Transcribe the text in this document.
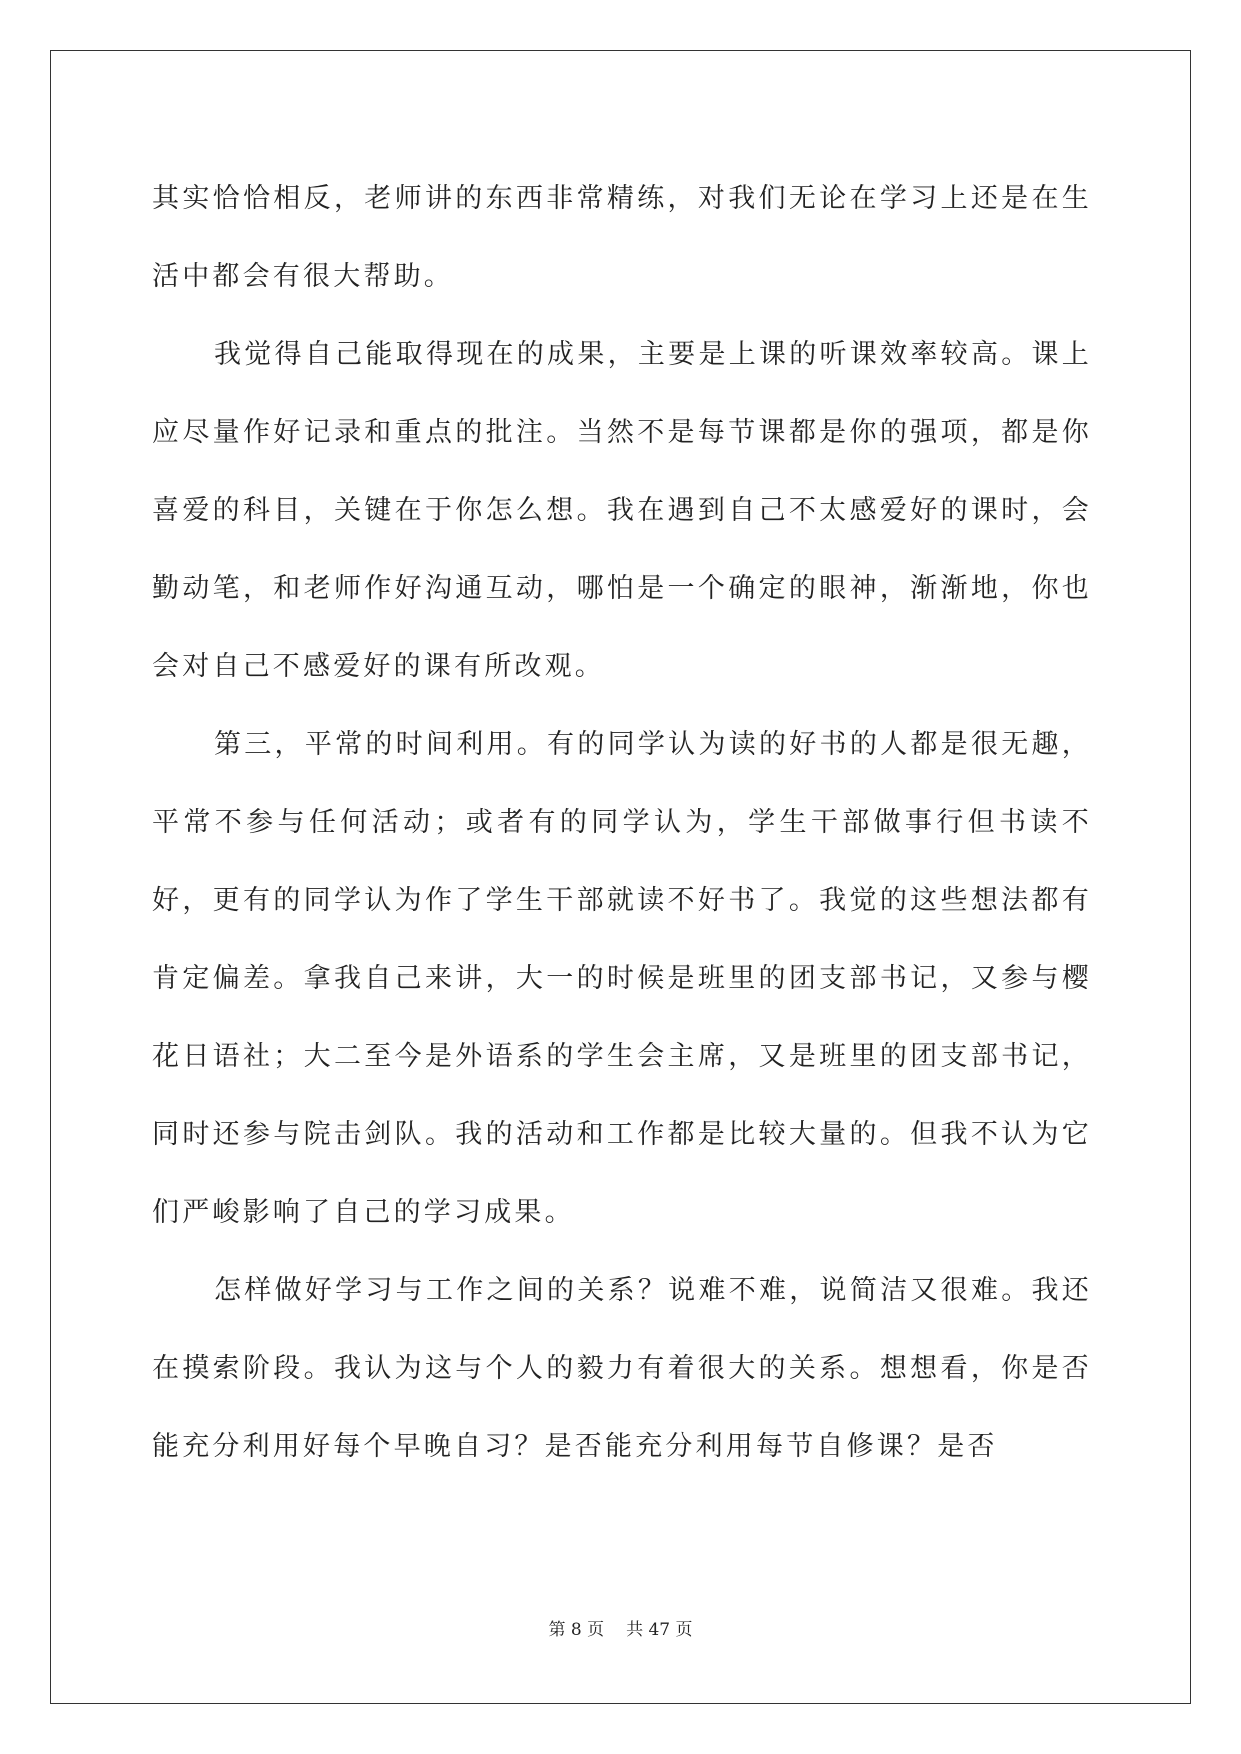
其实恰恰相反，老师讲的东西非常精练，对我们无论在学习上还是在生活中都会有很大帮助。

我觉得自己能取得现在的成果，主要是上课的听课效率较高。课上应尽量作好记录和重点的批注。当然不是每节课都是你的强项，都是你喜爱的科目，关键在于你怎么想。我在遇到自己不太感爱好的课时，会勤动笔，和老师作好沟通互动，哪怕是一个确定的眼神，渐渐地，你也会对自己不感爱好的课有所改观。

第三，平常的时间利用。有的同学认为读的好书的人都是很无趣，平常不参与任何活动；或者有的同学认为，学生干部做事行但书读不好，更有的同学认为作了学生干部就读不好书了。我觉的这些想法都有肯定偏差。拿我自己来讲，大一的时候是班里的团支部书记，又参与樱花日语社；大二至今是外语系的学生会主席，又是班里的团支部书记，同时还参与院击剑队。我的活动和工作都是比较大量的。但我不认为它们严峻影响了自己的学习成果。

怎样做好学习与工作之间的关系？说难不难，说简洁又很难。我还在摸索阶段。我认为这与个人的毅力有着很大的关系。想想看，你是否能充分利用好每个早晚自习？是否能充分利用每节自修课？是否

第 8 页 共 47 页
